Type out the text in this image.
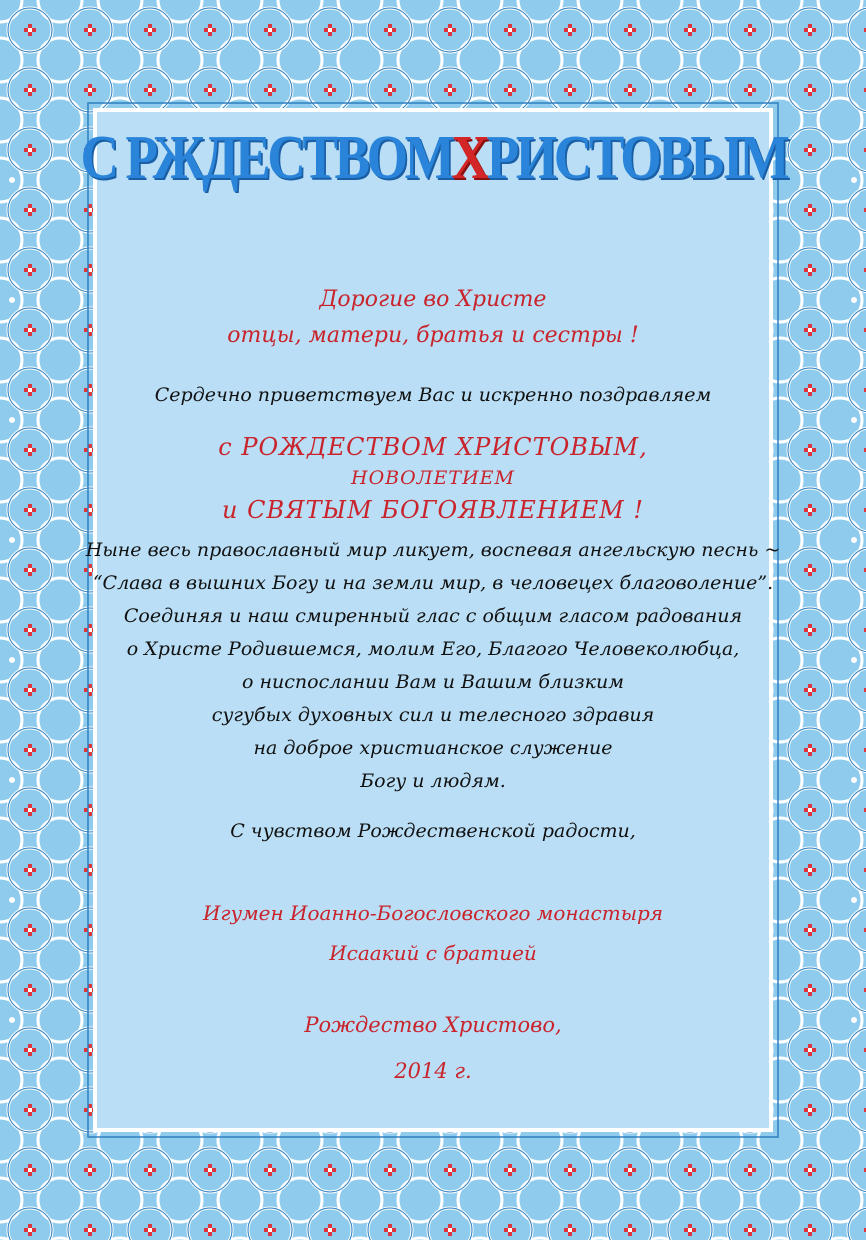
С РЖДЕСТВОМХРИСТОВЫМ
Дорогие во Христе
отцы, матери, братья и сестры !
Сердечно приветствуем Вас и искренно поздравляем
с РОЖДЕСТВОМ ХРИСТОВЫМ,
НОВОЛЕТИЕМ
и СВЯТЫМ БОГОЯВЛЕНИЕМ !
Ныне весь православный мир ликует, воспевая ангельскую песнь ~
“Слава в вышних Богу и на земли мир, в человецех благоволение”.
Соединяя и наш смиренный глас с общим гласом радования
о Христе Родившемся, молим Его, Благого Человеколюбца,
о ниспослании Вам и Вашим близким
сугубых духовных сил и телесного здравия
на доброе христианское служение
Богу и людям.
С чувством Рождественской радости,
Игумен Иоанно-Богословского монастыря
Исаакий с братией
Рождество Христово,
2014 г.
